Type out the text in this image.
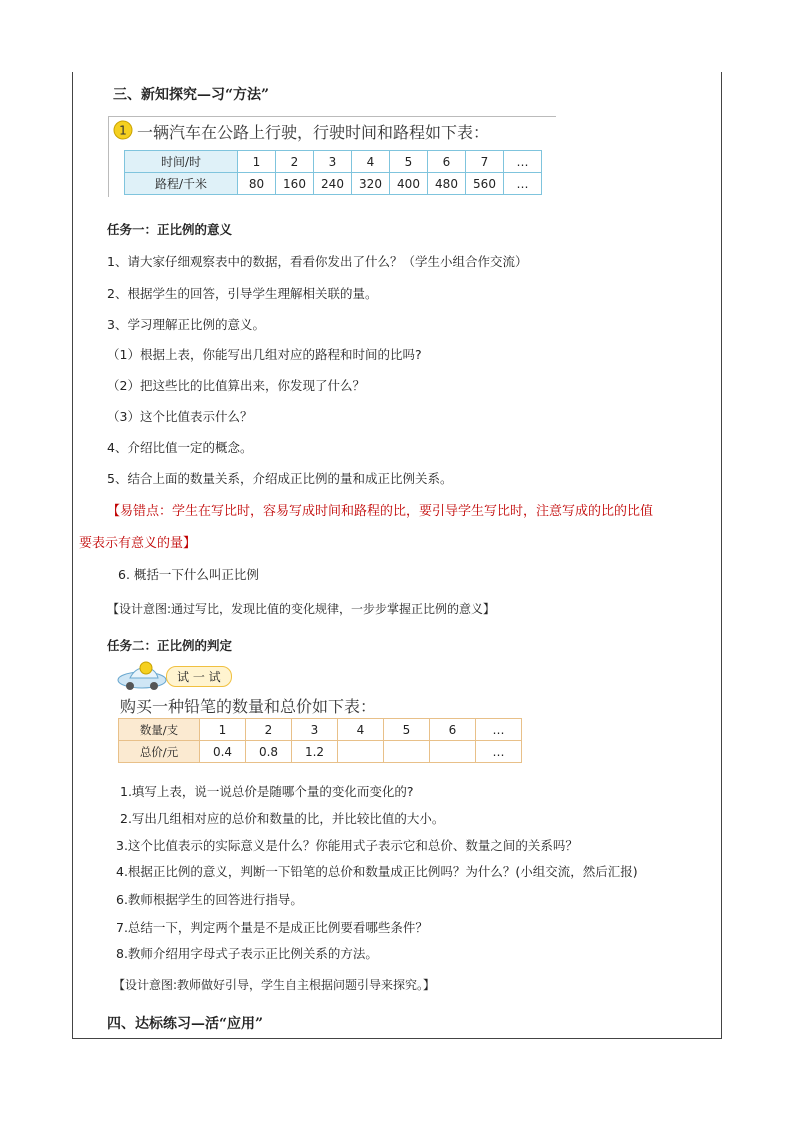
三、新知探究—习“方法”
1 一辆汽车在公路上行驶，行驶时间和路程如下表：
时间/时	1	2	3	4	5	6	7	…
路程/千米	80	160	240	320	400	480	560	…
任务一：正比例的意义
1、请大家仔细观察表中的数据，看看你发出了什么？（学生小组合作交流）
2、根据学生的回答，引导学生理解相关联的量。
3、学习理解正比例的意义。
（1）根据上表，你能写出几组对应的路程和时间的比吗?
（2）把这些比的比值算出来，你发现了什么？
（3）这个比值表示什么？
4、介绍比值一定的概念。
5、结合上面的数量关系，介绍成正比例的量和成正比例关系。
【易错点：学生在写比时，容易写成时间和路程的比，要引导学生写比时，注意写成的比的比值
要表示有意义的量】
6. 概括一下什么叫正比例
【设计意图:通过写比，发现比值的变化规律，一步步掌握正比例的意义】
任务二：正比例的判定
试 一 试
购买一种铅笔的数量和总价如下表：
数量/支	1	2	3	4	5	6	…
总价/元	0.4	0.8	1.2				…
1.填写上表，说一说总价是随哪个量的变化而变化的?
2.写出几组相对应的总价和数量的比，并比较比值的大小。
3.这个比值表示的实际意义是什么？你能用式子表示它和总价、数量之间的关系吗？
4.根据正比例的意义，判断一下铅笔的总价和数量成正比例吗？为什么？(小组交流，然后汇报)
6.教师根据学生的回答进行指导。
7.总结一下，判定两个量是不是成正比例要看哪些条件？
8.教师介绍用字母式子表示正比例关系的方法。
【设计意图:教师做好引导，学生自主根据问题引导来探究。】
四、达标练习—活“应用”
